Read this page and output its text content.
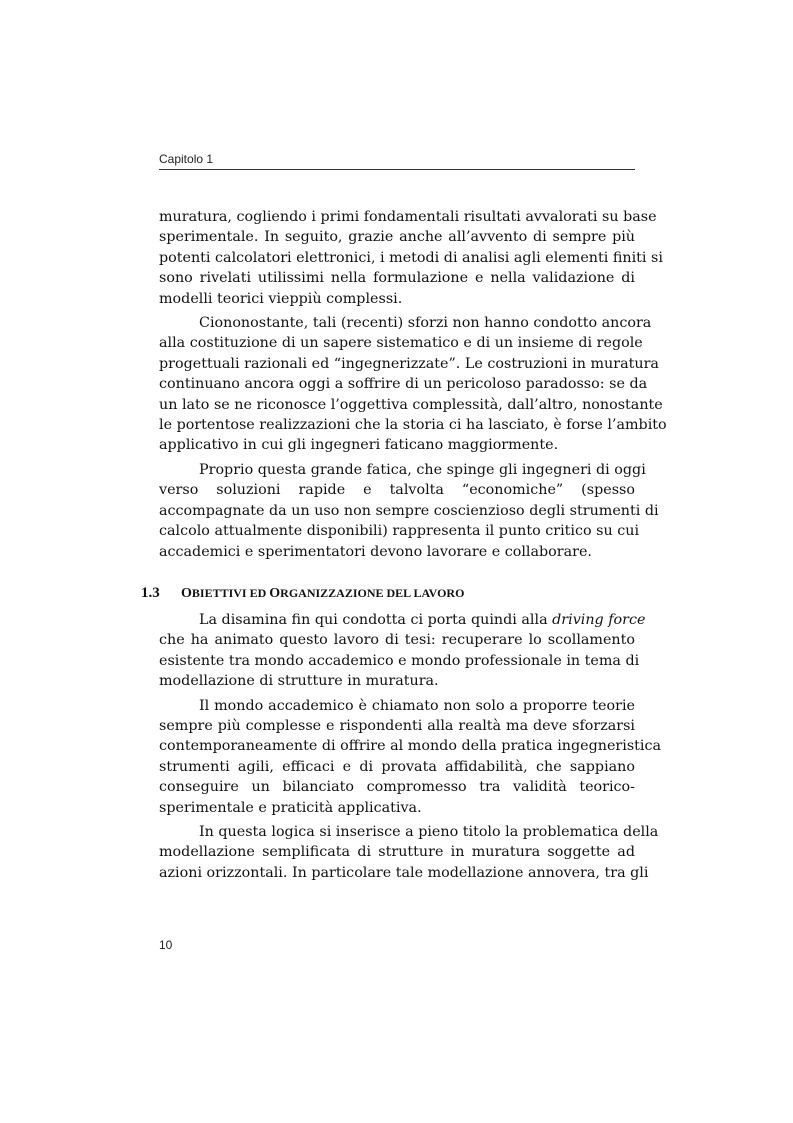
Capitolo 1

muratura, cogliendo i primi fondamentali risultati avvalorati su base
sperimentale. In seguito, grazie anche all’avvento di sempre più
potenti calcolatori elettronici, i metodi di analisi agli elementi finiti si
sono rivelati utilissimi nella formulazione e nella validazione di
modelli teorici vieppiù complessi.

Ciononostante, tali (recenti) sforzi non hanno condotto ancora
alla costituzione di un sapere sistematico e di un insieme di regole
progettuali razionali ed “ingegnerizzate”. Le costruzioni in muratura
continuano ancora oggi a soffrire di un pericoloso paradosso: se da
un lato se ne riconosce l’oggettiva complessità, dall’altro, nonostante
le portentose realizzazioni che la storia ci ha lasciato, è forse l’ambito
applicativo in cui gli ingegneri faticano maggiormente.

Proprio questa grande fatica, che spinge gli ingegneri di oggi
verso soluzioni rapide e talvolta “economiche” (spesso
accompagnate da un uso non sempre coscienzioso degli strumenti di
calcolo attualmente disponibili) rappresenta il punto critico su cui
accademici e sperimentatori devono lavorare e collaborare.

1.3 OBIETTIVI ED ORGANIZZAZIONE DEL LAVORO

La disamina fin qui condotta ci porta quindi alla driving force
che ha animato questo lavoro di tesi: recuperare lo scollamento
esistente tra mondo accademico e mondo professionale in tema di
modellazione di strutture in muratura.

Il mondo accademico è chiamato non solo a proporre teorie
sempre più complesse e rispondenti alla realtà ma deve sforzarsi
contemporaneamente di offrire al mondo della pratica ingegneristica
strumenti agili, efficaci e di provata affidabilità, che sappiano
conseguire un bilanciato compromesso tra validità teorico-
sperimentale e praticità applicativa.

In questa logica si inserisce a pieno titolo la problematica della
modellazione semplificata di strutture in muratura soggette ad
azioni orizzontali. In particolare tale modellazione annovera, tra gli

10
